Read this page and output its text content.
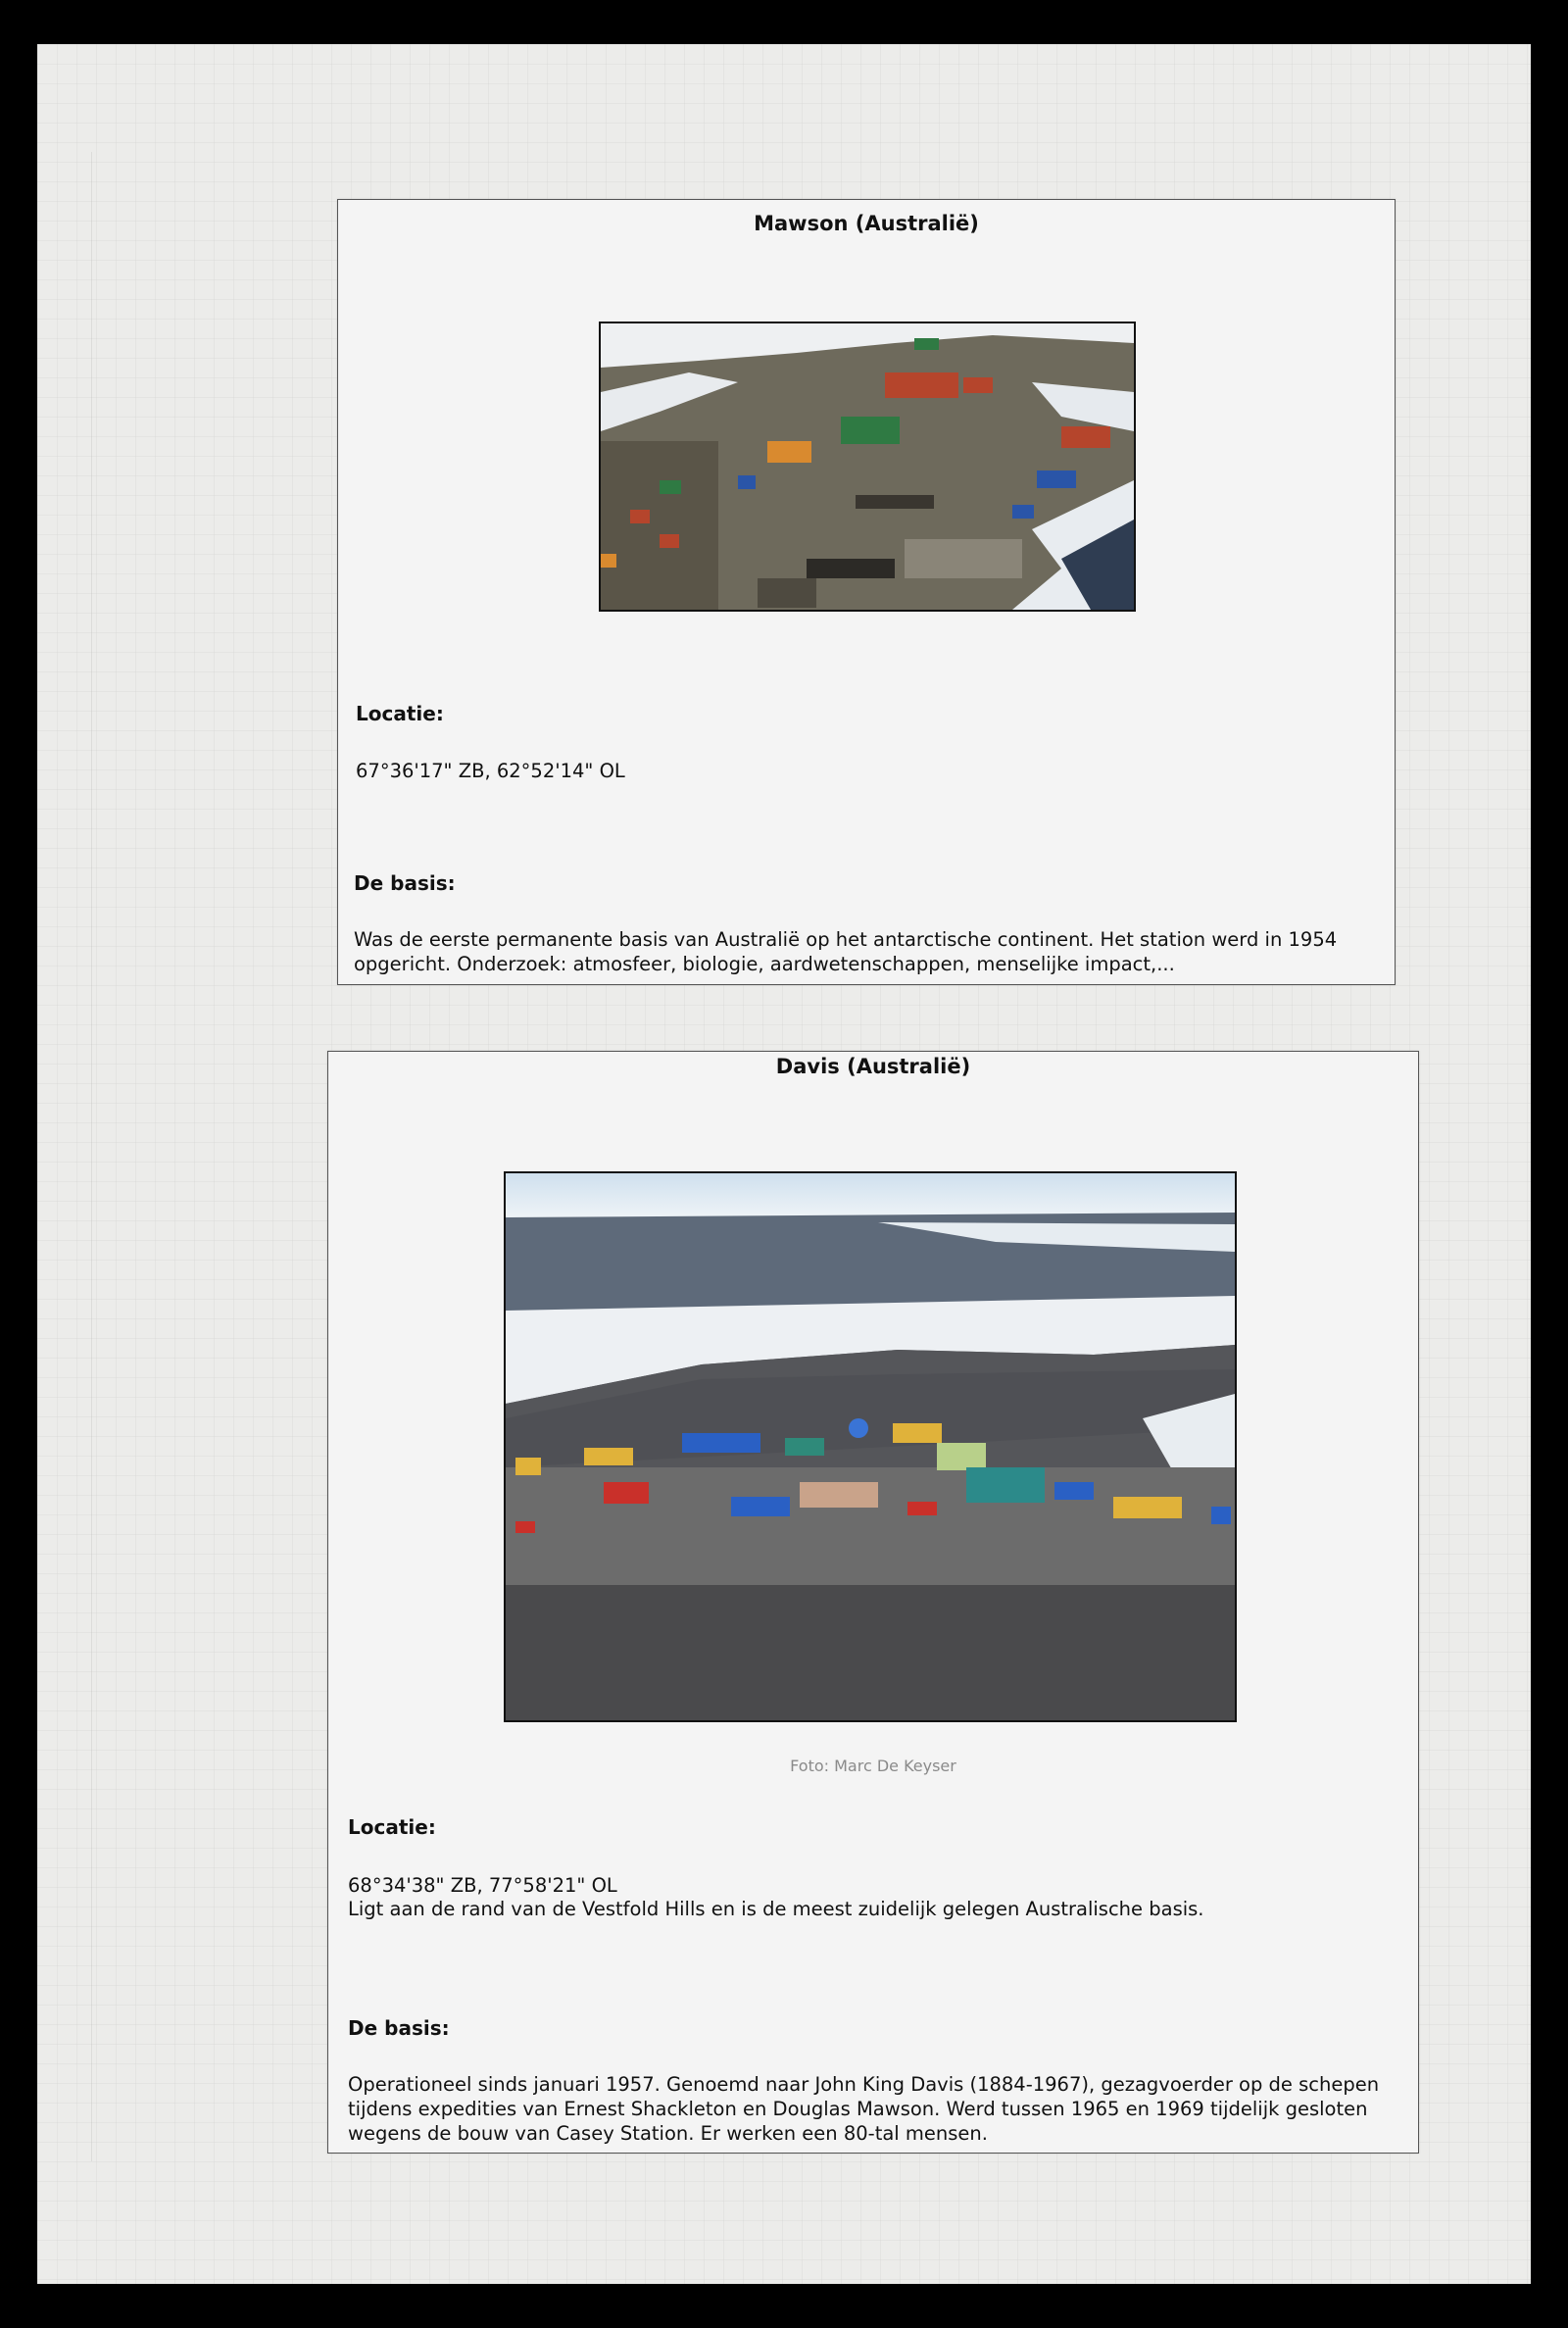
Mawson (Australië)
Locatie:
67°36'17" ZB, 62°52'14" OL
De basis:
Was de eerste permanente basis van Australië op het antarctische continent. Het station werd in 1954 opgericht. Onderzoek: atmosfeer, biologie, aardwetenschappen, menselijke impact,...
Davis (Australië)
Foto: Marc De Keyser
Locatie:
68°34'38" ZB, 77°58'21" OL
Ligt aan de rand van de Vestfold Hills en is de meest zuidelijk gelegen Australische basis.
De basis:
Operationeel sinds januari 1957. Genoemd naar John King Davis (1884-1967), gezagvoerder op de schepen tijdens expedities van Ernest Shackleton en Douglas Mawson. Werd tussen 1965 en 1969 tijdelijk gesloten wegens de bouw van Casey Station. Er werken een 80-tal mensen.
